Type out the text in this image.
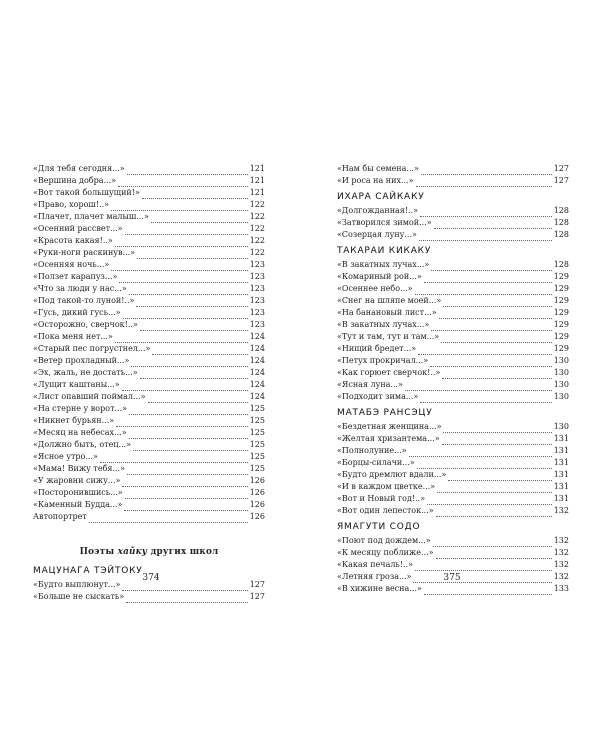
«Для тебя сегодня...»	121
«Вершина добра...»	121
«Вот такой большущий!»	121
«Право, хорош!..»	122
«Плачет, плачет малыш...»	122
«Осенний рассвет...»	122
«Красота какая!..»	122
«Руки-ноги раскинув...»	122
«Осенняя ночь...»	123
«Ползет карапуз...»	123
«Что за люди у нас...»	123
«Под такой-то луной!..»	123
«Гусь, дикий гусь...»	123
«Осторожно, сверчок!..»	123
«Пока меня нет...»	124
«Старый пес погрустнел...»	124
«Ветер прохладный...»	124
«Эх, жаль, не достать...»	124
«Лущит каштаны...»	124
«Лист опавший поймал...»	124
«На стерне у ворот...»	125
«Никнет бурьян...»	125
«Месяц на небесах...»	125
«Должно быть, отец...»	125
«Ясное утро...»	125
«Мама! Вижу тебя...»	125
«У жаровни сижу...»	126
«Посторонившись...»	126
«Каменный Будда...»	126
Автопортрет	126

Поэты хайку других школ

МАЦУНАГА ТЭЙТОКУ

«Будто выплюнут...»	127
«Больше не сыскать»	127
374
«Нам бы семена...»	127
«И роса на них...»	127

ИХАРА САЙКАКУ

«Долгожданная!..»	128
«Затворился зимой...»	128
«Созерцая луну...»	128

ТАКАРАИ КИКАКУ

«В закатных лучах...»	128
«Комариный рой...»	129
«Осеннее небо...»	129
«Снег на шляпе моей...»	129
«На банановый лист...»	129
«В закатных лучах...»	129
«Тут и там, тут и там...»	129
«Нищий бредет...»	129
«Петух прокричал...»	130
«Как горюет сверчок!..»	130
«Ясная луна...»	130
«Подходит зима...»	130

МАТАБЭ РАНСЭЦУ

«Бездетная женщина...»	130
«Желтая хризантема...»	131
«Полнолуние...»	131
«Борцы-силачи...»	131
«Будто дремлют вдали...»	131
«И в каждом цветке...»	131
«Вот и Новый год!..»	131
«Вот один лепесток...»	132

ЯМАГУТИ СОДО

«Поют под дождем...»	132
«К месяцу поближе...»	132
«Какая печаль!..»	132
«Летняя гроза...»	132
«В хижине весна...»	133
375
